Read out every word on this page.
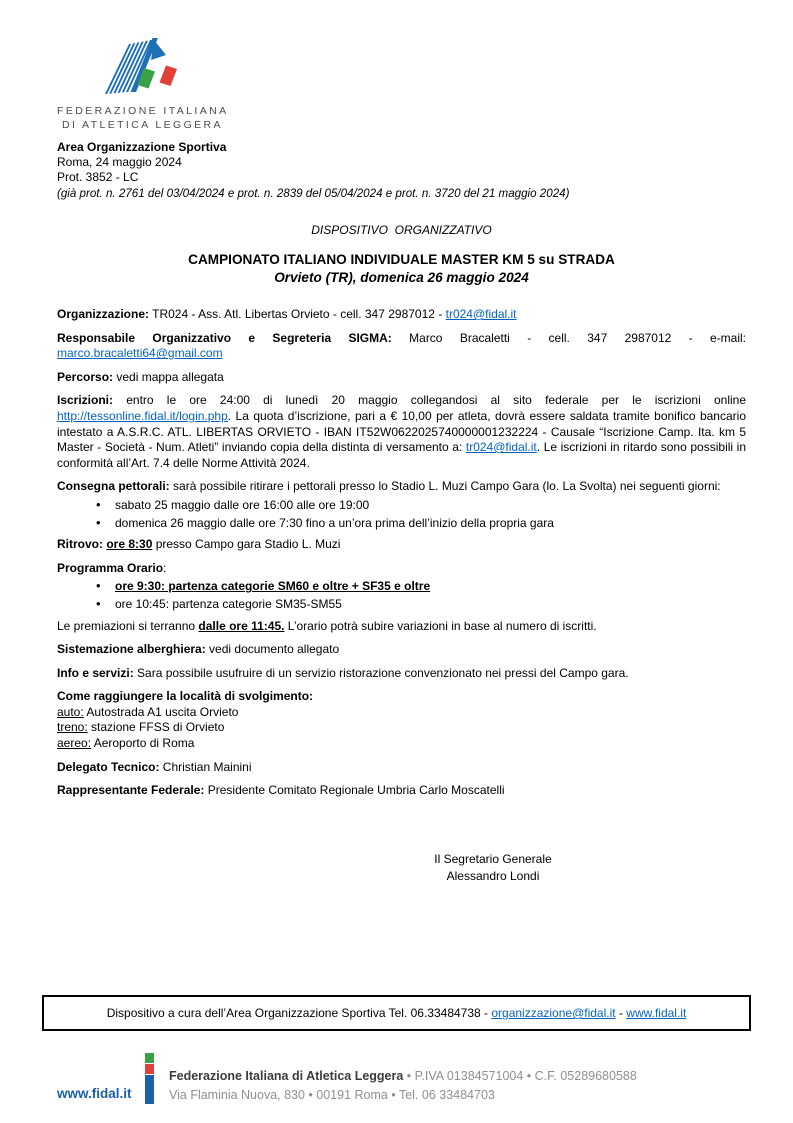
FEDERAZIONE ITALIANA
DI ATLETICA LEGGERA
Area Organizzazione Sportiva
Roma, 24 maggio 2024
Prot. 3852 - LC
(già prot. n. 2761 del 03/04/2024 e prot. n. 2839 del 05/04/2024 e prot. n. 3720 del 21 maggio 2024)
DISPOSITIVO  ORGANIZZATIVO
CAMPIONATO ITALIANO INDIVIDUALE MASTER KM 5 su STRADA
Orvieto (TR), domenica 26 maggio 2024
Organizzazione: TR024 - Ass. Atl. Libertas Orvieto - cell. 347 2987012 - tr024@fidal.it
Responsabile Organizzativo e Segreteria SIGMA: Marco Bracaletti - cell. 347 2987012 - e-mail: marco.bracaletti64@gmail.com
Percorso: vedi mappa allegata
Iscrizioni: entro le ore 24:00 di lunedì 20 maggio collegandosi al sito federale per le iscrizioni online http://tessonline.fidal.it/login.php. La quota d’iscrizione, pari a € 10,00 per atleta, dovrà essere saldata tramite bonifico bancario intestato a A.S.R.C. ATL. LIBERTAS ORVIETO - IBAN IT52W0622025740000001232224 - Causale “Iscrizione Camp. Ita. km 5 Master - Società - Num. Atleti” inviando copia della distinta di versamento a: tr024@fidal.it. Le iscrizioni in ritardo sono possibili in conformità all’Art. 7.4 delle Norme Attività 2024.
Consegna pettorali: sarà possibile ritirare i pettorali presso lo Stadio L. Muzi Campo Gara (lo. La Svolta) nei seguenti giorni:
• sabato 25 maggio dalle ore 16:00 alle ore 19:00
• domenica 26 maggio dalle ore 7:30 fino a un’ora prima dell’inizio della propria gara
Ritrovo: ore 8:30 presso Campo gara Stadio L. Muzi
Programma Orario:
• ore 9:30: partenza categorie SM60 e oltre + SF35 e oltre
• ore 10:45: partenza categorie SM35-SM55
Le premiazioni si terranno dalle ore 11:45. L’orario potrà subire variazioni in base al numero di iscritti.
Sistemazione alberghiera: vedi documento allegato
Info e servizi: Sara possibile usufruire di un servizio ristorazione convenzionato nei pressi del Campo gara.
Come raggiungere la località di svolgimento:
auto: Autostrada A1 uscita Orvieto
treno: stazione FFSS di Orvieto
aereo: Aeroporto di Roma
Delegato Tecnico: Christian Mainini
Rappresentante Federale: Presidente Comitato Regionale Umbria Carlo Moscatelli
Il Segretario Generale
Alessandro Londi
Dispositivo a cura dell’Area Organizzazione Sportiva Tel. 06.33484738 - organizzazione@fidal.it - www.fidal.it
www.fidal.it
Federazione Italiana di Atletica Leggera • P.IVA 01384571004 • C.F. 05289680588
Via Flaminia Nuova, 830 • 00191 Roma • Tel. 06 33484703
